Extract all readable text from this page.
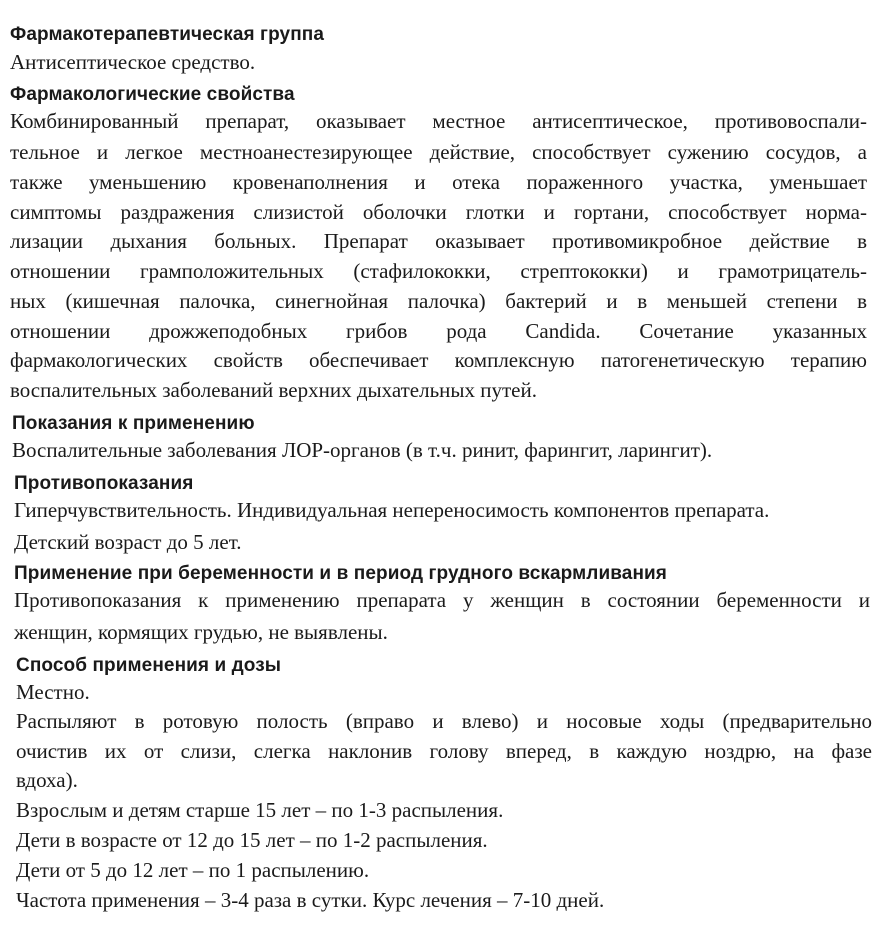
Фармакотерапевтическая группа
Антисептическое средство.
Фармакологические свойства
Комбинированный препарат, оказывает местное антисептическое, противовоспали-
тельное и легкое местноанестезирующее действие, способствует сужению сосудов, а
также уменьшению кровенаполнения и отека пораженного участка, уменьшает
симптомы раздражения слизистой оболочки глотки и гортани, способствует норма-
лизации дыхания больных. Препарат оказывает противомикробное действие в
отношении грамположительных (стафилококки, стрептококки) и грамотрицатель-
ных (кишечная палочка, синегнойная палочка) бактерий и в меньшей степени в
отношении дрожжеподобных грибов рода Candida. Сочетание указанных
фармакологических свойств обеспечивает комплексную патогенетическую терапию
воспалительных заболеваний верхних дыхательных путей.
Показания к применению
Воспалительные заболевания ЛОР-органов (в т.ч. ринит, фарингит, ларингит).
Противопоказания
Гиперчувствительность. Индивидуальная непереносимость компонентов препарата.
Детский возраст до 5 лет.
Применение при беременности и в период грудного вскармливания
Противопоказания к применению препарата у женщин в состоянии беременности и
женщин, кормящих грудью, не выявлены.
Способ применения и дозы
Местно.
Распыляют в ротовую полость (вправо и влево) и носовые ходы (предварительно
очистив их от слизи, слегка наклонив голову вперед, в каждую ноздрю, на фазе
вдоха).
Взрослым и детям старше 15 лет – по 1-3 распыления.
Дети в возрасте от 12 до 15 лет – по 1-2 распыления.
Дети от 5 до 12 лет – по 1 распылению.
Частота применения – 3-4 раза в сутки. Курс лечения – 7-10 дней.
